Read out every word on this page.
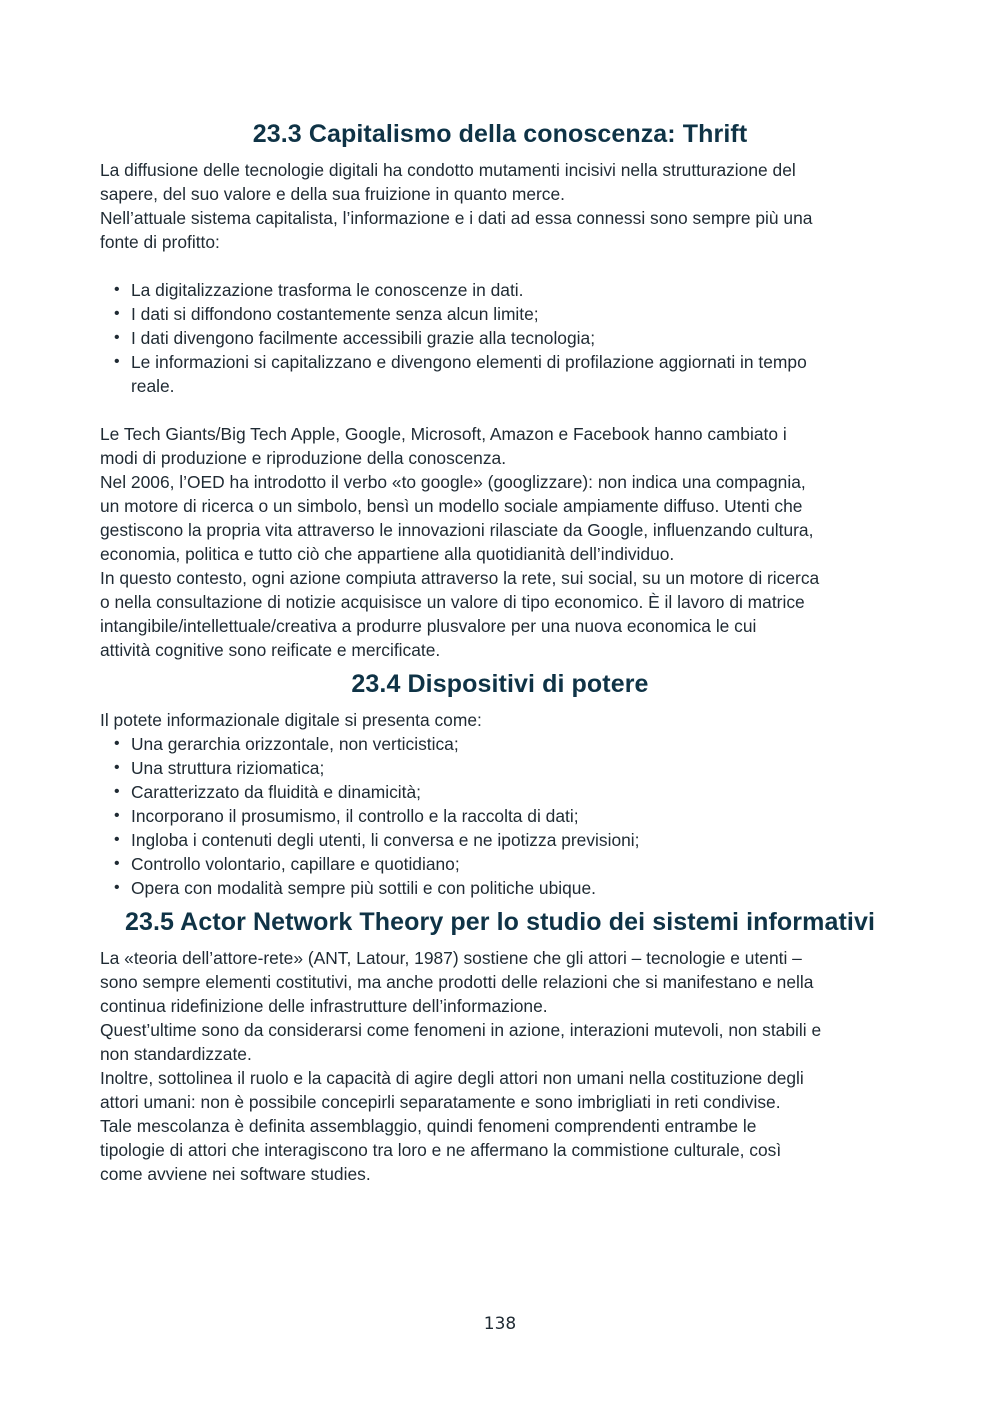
23.3 Capitalismo della conoscenza: Thrift

La diffusione delle tecnologie digitali ha condotto mutamenti incisivi nella strutturazione del

sapere, del suo valore e della sua fruizione in quanto merce.

Nell’attuale sistema capitalista, l’informazione e i dati ad essa connessi sono sempre più una

fonte di profitto:

• La digitalizzazione trasforma le conoscenze in dati.
• I dati si diffondono costantemente senza alcun limite;
• I dati divengono facilmente accessibili grazie alla tecnologia;
• Le informazioni si capitalizzano e divengono elementi di profilazione aggiornati in tempo

reale.

Le Tech Giants/Big Tech Apple, Google, Microsoft, Amazon e Facebook hanno cambiato i

modi di produzione e riproduzione della conoscenza.

Nel 2006, l’OED ha introdotto il verbo «to google» (googlizzare): non indica una compagnia,

un motore di ricerca o un simbolo, bensì un modello sociale ampiamente diffuso. Utenti che

gestiscono la propria vita attraverso le innovazioni rilasciate da Google, influenzando cultura,

economia, politica e tutto ciò che appartiene alla quotidianità dell’individuo.

In questo contesto, ogni azione compiuta attraverso la rete, sui social, su un motore di ricerca

o nella consultazione di notizie acquisisce un valore di tipo economico. È il lavoro di matrice

intangibile/intellettuale/creativa a produrre plusvalore per una nuova economica le cui

attività cognitive sono reificate e mercificate.

23.4 Dispositivi di potere

Il potete informazionale digitale si presenta come:

• Una gerarchia orizzontale, non verticistica;
• Una struttura riziomatica;
• Caratterizzato da fluidità e dinamicità;
• Incorporano il prosumismo, il controllo e la raccolta di dati;
• Ingloba i contenuti degli utenti, li conversa e ne ipotizza previsioni;
• Controllo volontario, capillare e quotidiano;
• Opera con modalità sempre più sottili e con politiche ubique.
23.5 Actor Network Theory per lo studio dei sistemi informativi

La «teoria dell’attore-rete» (ANT, Latour, 1987) sostiene che gli attori – tecnologie e utenti –

sono sempre elementi costitutivi, ma anche prodotti delle relazioni che si manifestano e nella

continua ridefinizione delle infrastrutture dell’informazione.

Quest’ultime sono da considerarsi come fenomeni in azione, interazioni mutevoli, non stabili e

non standardizzate.

Inoltre, sottolinea il ruolo e la capacità di agire degli attori non umani nella costituzione degli

attori umani: non è possibile concepirli separatamente e sono imbrigliati in reti condivise.

Tale mescolanza è definita assemblaggio, quindi fenomeni comprendenti entrambe le

tipologie di attori che interagiscono tra loro e ne affermano la commistione culturale, così

come avviene nei software studies.

138
